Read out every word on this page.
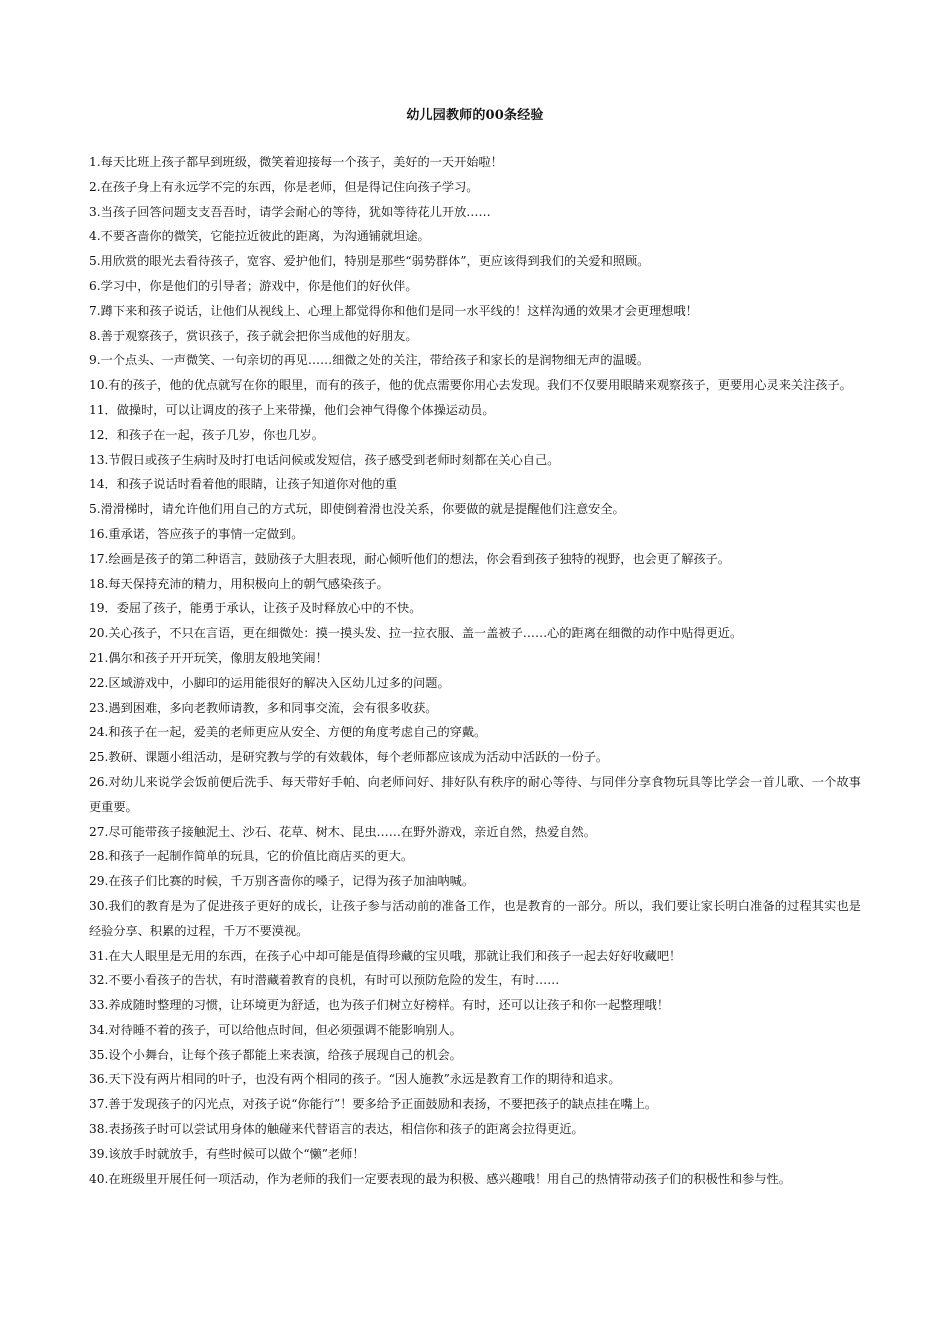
幼儿园教师的00条经验

1.每天比班上孩子都早到班级，微笑着迎接每一个孩子，美好的一天开始啦！

2.在孩子身上有永远学不完的东西，你是老师，但是得记住向孩子学习。

3.当孩子回答问题支支吾吾时，请学会耐心的等待，犹如等待花儿开放……

4.不要吝啬你的微笑，它能拉近彼此的距离，为沟通铺就坦途。

5.用欣赏的眼光去看待孩子，宽容、爱护他们，特别是那些“弱势群体”，更应该得到我们的关爱和照顾。

6.学习中，你是他们的引导者；游戏中，你是他们的好伙伴。

7.蹲下来和孩子说话，让他们从视线上、心理上都觉得你和他们是同一水平线的！这样沟通的效果才会更理想哦！

8.善于观察孩子，赏识孩子，孩子就会把你当成他的好朋友。

9.一个点头、一声微笑、一句亲切的再见……细微之处的关注，带给孩子和家长的是润物细无声的温暖。

10.有的孩子，他的优点就写在你的眼里，而有的孩子，他的优点需要你用心去发现。我们不仅要用眼睛来观察孩子，更要用心灵来关注孩子。

11．做操时，可以让调皮的孩子上来带操，他们会神气得像个体操运动员。

12．和孩子在一起，孩子几岁，你也几岁。

13.节假日或孩子生病时及时打电话问候或发短信，孩子感受到老师时刻都在关心自己。

14．和孩子说话时看着他的眼睛，让孩子知道你对他的重

5.滑滑梯时，请允许他们用自己的方式玩，即使倒着滑也没关系，你要做的就是提醒他们注意安全。

16.重承诺，答应孩子的事情一定做到。

17.绘画是孩子的第二种语言，鼓励孩子大胆表现，耐心倾听他们的想法，你会看到孩子独特的视野，也会更了解孩子。

18.每天保持充沛的精力，用积极向上的朝气感染孩子。

19．委屈了孩子，能勇于承认，让孩子及时释放心中的不快。

20.关心孩子，不只在言语，更在细微处：摸一摸头发、拉一拉衣服、盖一盖被子……心的距离在细微的动作中贴得更近。

21.偶尔和孩子开开玩笑，像朋友般地笑闹！

22.区域游戏中，小脚印的运用能很好的解决入区幼儿过多的问题。

23.遇到困难，多向老教师请教，多和同事交流，会有很多收获。

24.和孩子在一起，爱美的老师更应从安全、方便的角度考虑自己的穿戴。

25.教研、课题小组活动，是研究教与学的有效载体，每个老师都应该成为活动中活跃的一份子。

26.对幼儿来说学会饭前便后洗手、每天带好手帕、向老师问好、排好队有秩序的耐心等待、与同伴分享食物玩具等比学会一首儿歌、一个故事更重要。

27.尽可能带孩子接触泥土、沙石、花草、树木、昆虫……在野外游戏，亲近自然，热爱自然。

28.和孩子一起制作简单的玩具，它的价值比商店买的更大。

29.在孩子们比赛的时候，千万别吝啬你的嗓子，记得为孩子加油呐喊。

30.我们的教育是为了促进孩子更好的成长，让孩子参与活动前的准备工作，也是教育的一部分。所以，我们要让家长明白准备的过程其实也是经验分享、积累的过程，千万不要漠视。

31.在大人眼里是无用的东西，在孩子心中却可能是值得珍藏的宝贝哦，那就让我们和孩子一起去好好收藏吧！

32.不要小看孩子的告状，有时潜藏着教育的良机，有时可以预防危险的发生，有时……

33.养成随时整理的习惯，让环境更为舒适，也为孩子们树立好榜样。有时，还可以让孩子和你一起整理哦！

34.对待睡不着的孩子，可以给他点时间，但必须强调不能影响别人。

35.设个小舞台，让每个孩子都能上来表演，给孩子展现自己的机会。

36.天下没有两片相同的叶子，也没有两个相同的孩子。“因人施教”永远是教育工作的期待和追求。

37.善于发现孩子的闪光点，对孩子说“你能行”！要多给予正面鼓励和表扬，不要把孩子的缺点挂在嘴上。

38.表扬孩子时可以尝试用身体的触碰来代替语言的表达，相信你和孩子的距离会拉得更近。

39.该放手时就放手，有些时候可以做个“懒”老师！

40.在班级里开展任何一项活动，作为老师的我们一定要表现的最为积极、感兴趣哦！用自己的热情带动孩子们的积极性和参与性。
